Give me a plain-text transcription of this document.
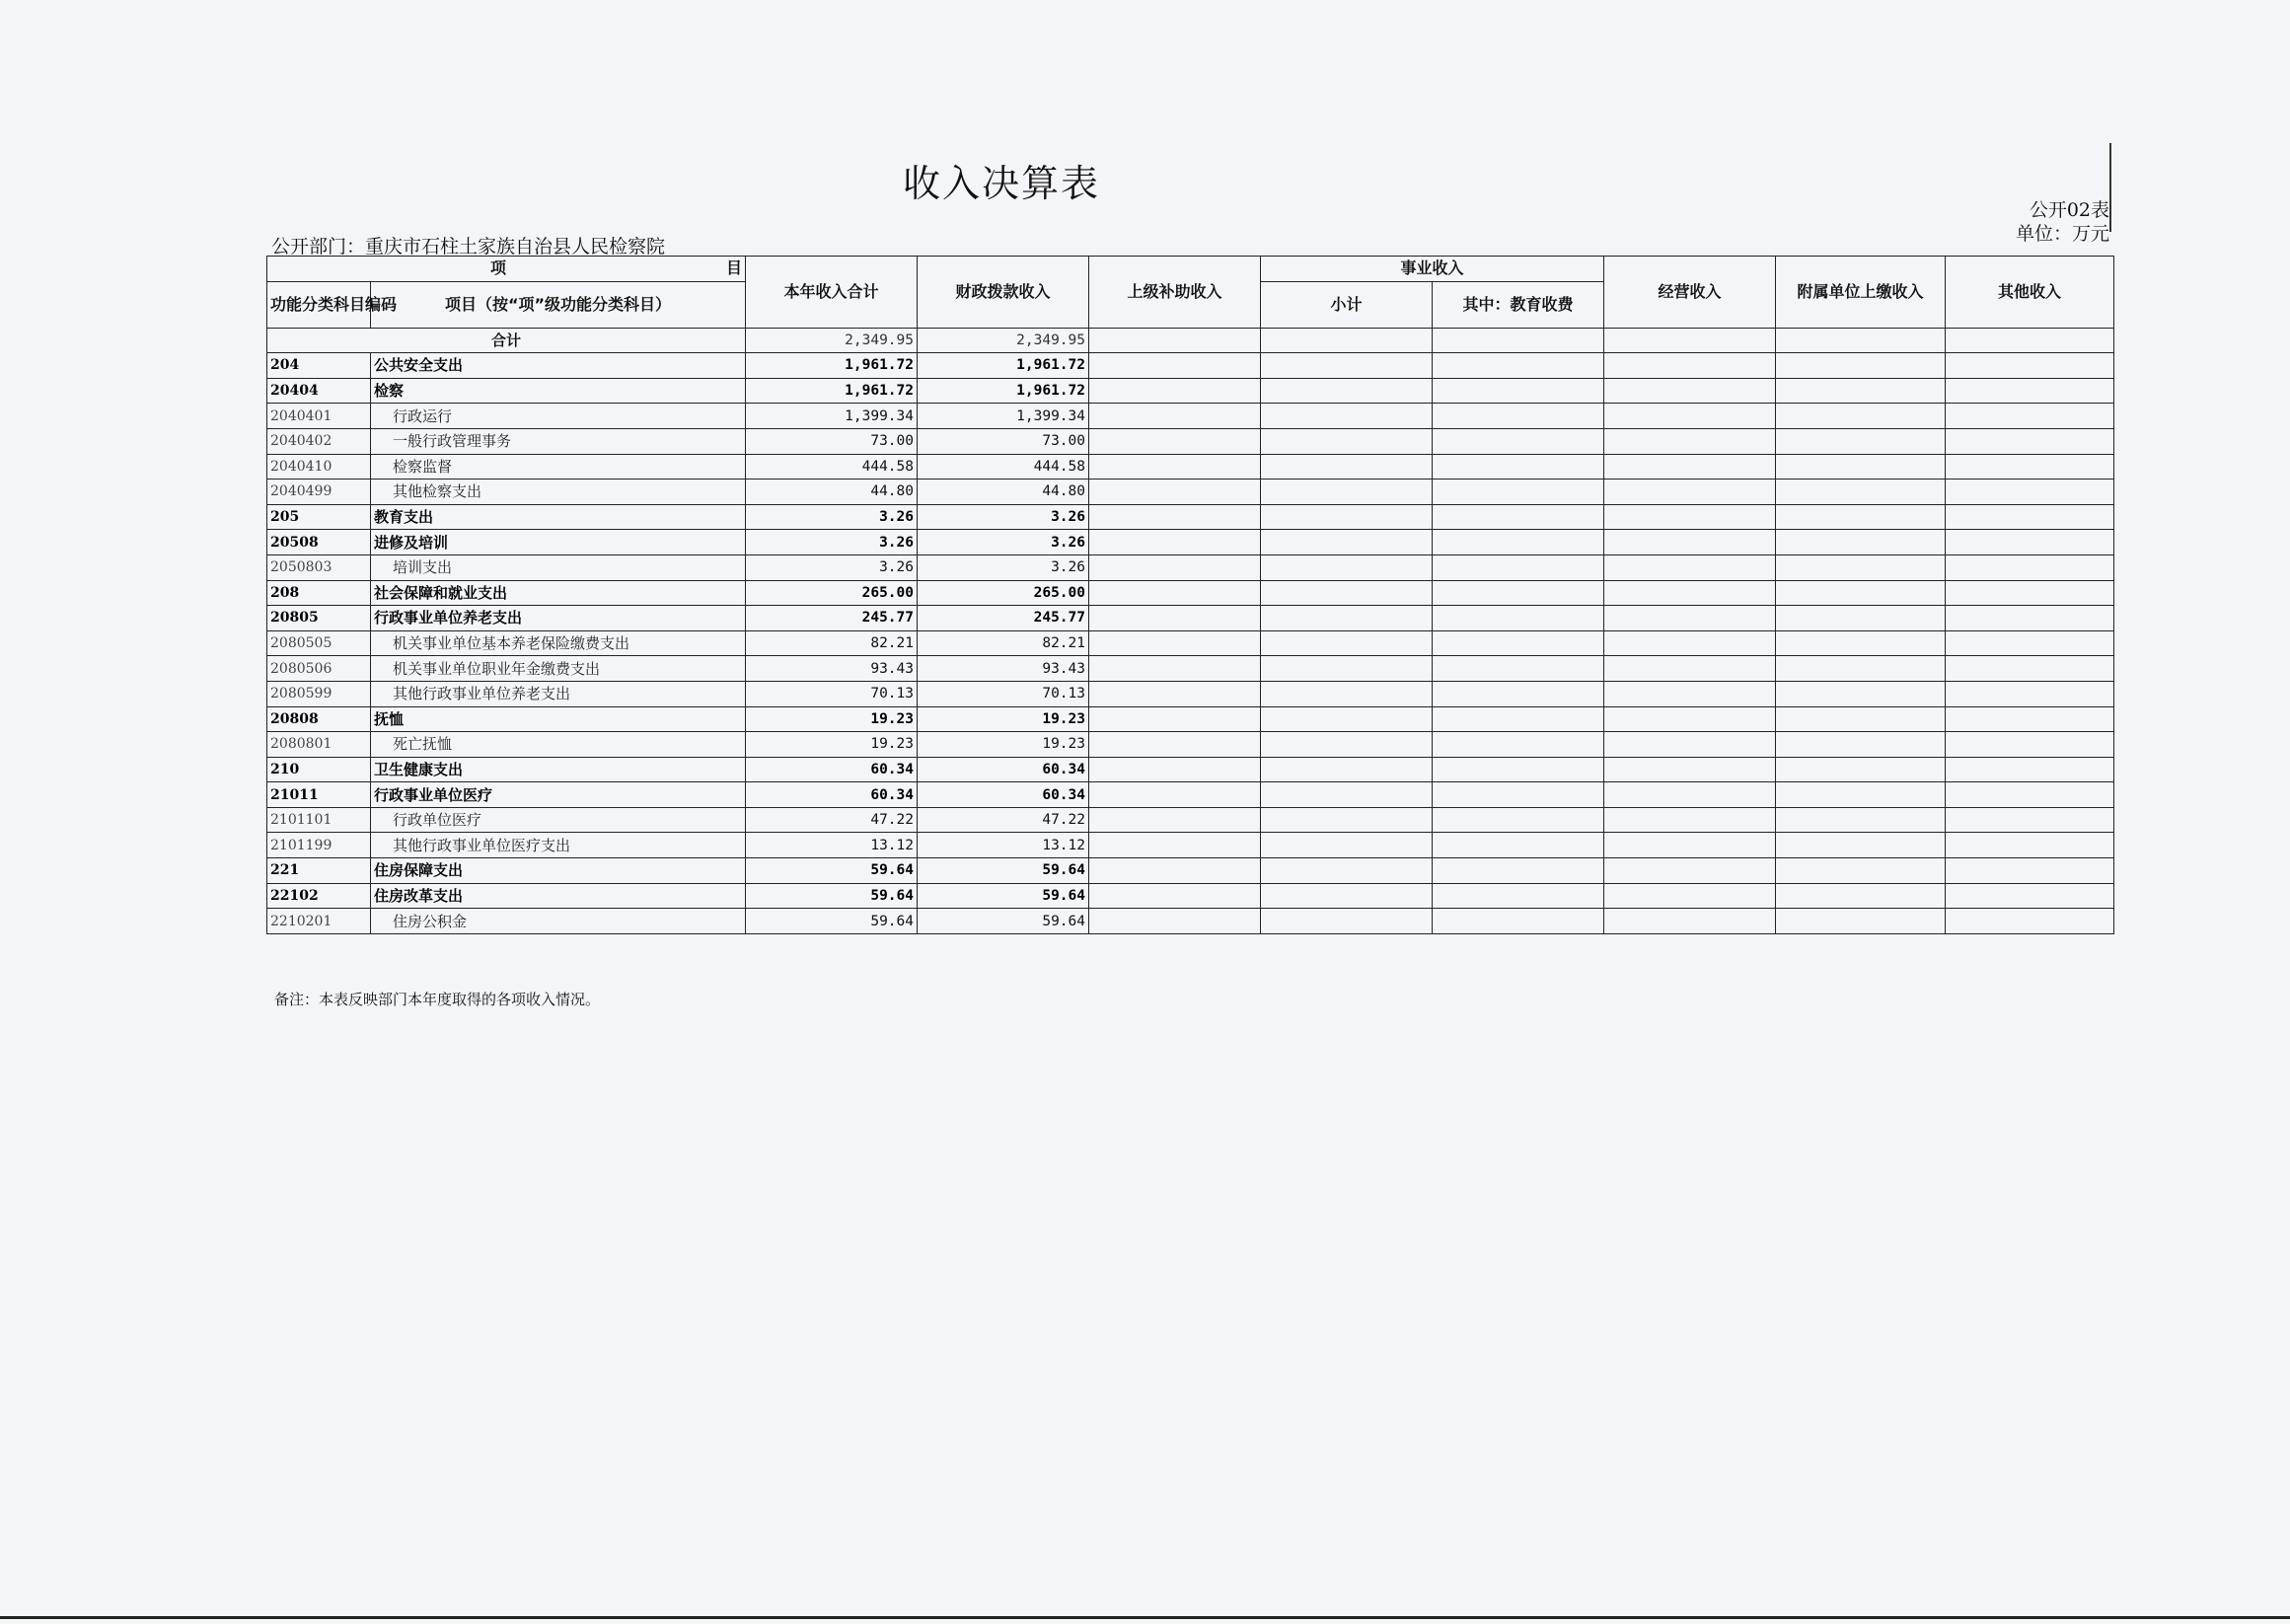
收入决算表
公开02表
单位：万元
公开部门：重庆市石柱土家族自治县人民检察院
项 目		本年收入合计	财政拨款收入	上级补助收入	事业收入		经营收入	附属单位上缴收入	其他收入
功能分类科目编码	项目（按“项”级功能分类科目）								
					小计	其中：教育收费			
合计		2,349.95	2,349.95						
204	公共安全支出	1,961.72	1,961.72						
20404	检察	1,961.72	1,961.72						
2040401	行政运行	1,399.34	1,399.34						
2040402	一般行政管理事务	73.00	73.00						
2040410	检察监督	444.58	444.58						
2040499	其他检察支出	44.80	44.80						
205	教育支出	3.26	3.26						
20508	进修及培训	3.26	3.26						
2050803	培训支出	3.26	3.26						
208	社会保障和就业支出	265.00	265.00						
20805	行政事业单位养老支出	245.77	245.77						
2080505	机关事业单位基本养老保险缴费支出	82.21	82.21						
2080506	机关事业单位职业年金缴费支出	93.43	93.43						
2080599	其他行政事业单位养老支出	70.13	70.13						
20808	抚恤	19.23	19.23						
2080801	死亡抚恤	19.23	19.23						
210	卫生健康支出	60.34	60.34						
21011	行政事业单位医疗	60.34	60.34						
2101101	行政单位医疗	47.22	47.22						
2101199	其他行政事业单位医疗支出	13.12	13.12						
221	住房保障支出	59.64	59.64						
22102	住房改革支出	59.64	59.64						
2210201	住房公积金	59.64	59.64						
备注：本表反映部门本年度取得的各项收入情况。
